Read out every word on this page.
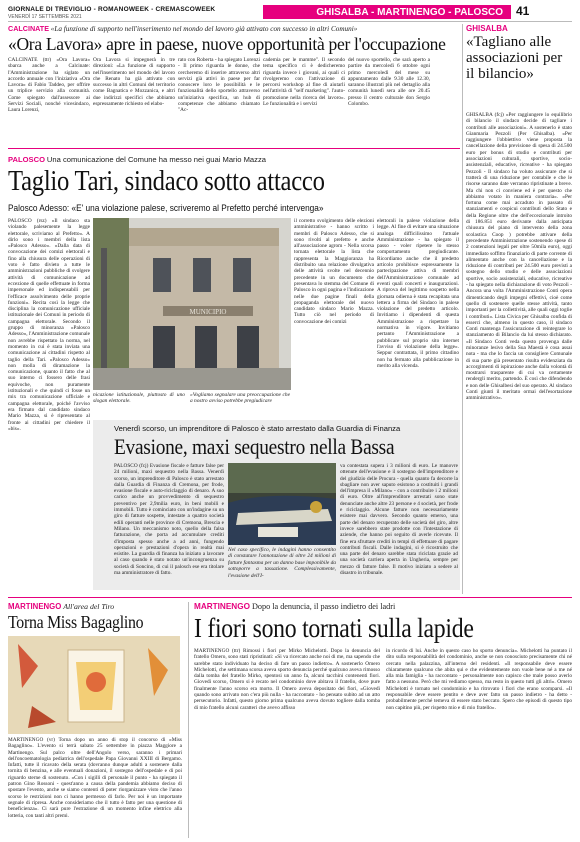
GIORNALE DI TREVIGLIO - ROMANOWEEK - CREMASCOWEEK
VENERDÌ 17 SETTEMBRE 2021	GHISALBA - MARTINENGO - PALOSCO 41
CALCINATE «La funzione di supporto nell'inserimento nel mondo del lavoro già attivato con successo in altri Comuni»
«Ora Lavora» apre in paese, nuove opportunità per l'occupazione
CALCINATE (ttr) «Ora Lavora» sbarca anche a Calcinate: l'Amministrazione ha siglato un accordo annuale con l'iniziativa «Ora Lavora» di Fabio Taddeo, per offrire un triplice servizio alla comunità. Come spiegato dall'assessore ai Servizi Sociali, nonché vicesindaco, Laura Lorenzi,
Ora Lavora si impegnerà in tre direzioni: «La funzione di supporto nell'inserimento nel mondo del lavoro che Renato ha già attivato con successo in altri Comuni del territorio come Bagnatica e Mozzanica, e altri due indirizzi specifici che abbiamo espressamente richiesto ed elabo-
rato con Roberta - ha spiegato Lorenzi - Il primo riguarda le donne, che cercheremo di inserire attraverso altri servizi già attivi in paese per far conoscere loro le possibilità e le funzionalità dello sportello attraverso un'iniziativa specifica, un hub di competenze che abbiamo chiamato "Ac-
cademia per le mamme". Il secondo tema specifico ci è dedicheremo riguarda invece i giovani, ai quali ci rivolgeremo con l'attivazione di percorsi workshop al fine di aiutarli nell'attività di "self marketing". l'auto-promozione nella ricerca del lavoro». Le funzionalità e i servizi
del nuovo sportello, che sarà aperto a partire da mercoledì 6 ottobre ogni primo mercoledì del mese su appuntamento dalle 9.30 alle 12.30, saranno illustrati più nel dettaglio alla comunità lunedì sera alle ore 20.45 presso il centro culturale don Sergio Colombo.
GHISALBA
«Tagliano alle associazioni per il bilancio»
GHISALBA (fcj) «Per raggiungere lo equilibrio di bilancio il sindaco decide di tagliare i contributi alle associazioni». A sostenerlo è stato Gianmaria Pezzoli (Per Ghisalba). «Per raggiungere l'obbiettivo viene proposta la cancellazione della previsione di spesa di 24.500 euro per bonus di studio e contributi per associazioni culturali, sportive, socio-assistenziali, educative, ricreative - ha spiegato Pezzoli - Il sindaco ha voluto assicurare che si tratterà di una riduzione per contabile e che le risorse saranno date verranno ripristinate a breve. Ma chi non ci conviene ed è per questo che abbiamo votato in maniera contraria». «Per fortuna come mai accaduto in passato di stanziamenti e cospicui contributi dello Stato e della Regione oltre che dell'eccezionale introito di 186.851 euro derivante dalla anticipata chiusura del piano di intervento della zona scolastica Coop ) potrebbe attivare della precedente Amministrazione sostenendo spese di 2 contenzioni legali per oltre 50mila euro), oggi immediato soffitto finanziario di parte corrente di alimentato anche con la cancellazione e la riduzione di contributi per 24.500 euro previsti a sostegno dello studio e delle associazioni sportive, socio assistenziali, educative, ricreative - ha spiegato nella dichiarazione di voto Pezzoli - Ancora una volta l'Amministrazione Conti opera dimenticando degli impegni effettivi, cioè come quello di sostenere quelle stesse attività, tanto importanti per la collettività, alle quali oggi toglie i contributi». Lista Civica per Ghisalba confida di esserci che, almeno in questo caso, il sindaco Conti mantenga l'assicurazione di reintegrare lo stanziamento di Bilancio da lui stesso dichiarato. «Il Sindaco Conti veda questo provenga dalle minoranze lesivo della Sua Maestà è cosa assai nota - ma che lo faccia un consigliere Comunale di sua parte già presentato risulta evidenziata da accorgimenti di ispirazione anche dalla volontà di mostrarsi trasparente di cui va certamente rendergli merito, partendo. È così che difendendo e non delle Ghisalbesi del suo operato. Al sindaco Conti giunti il meritato ormai dell'esortazione amministrativo».
PALOSCO Una comunicazione del Comune ha messo nei guai Mario Mazza
Taglio Tari, sindaco sotto attacco
Palosco Adesso: «E' una violazione palese, scriveremo al Prefetto perché intervenga»
PALOSCO (rsz) «Il sindaco sta violando palesemente la legge elettorale, scriviamo al Prefetto». A dirlo sono i membri della lista «Palosco Adesso». «Dalla data di convocazione dei comizi elettorali e fino alla chiusura delle operazioni di voto è fatto divieto a tutte le amministrazioni pubbliche di svolgere attività di comunicazione ad eccezione di quelle effettuate in forma impersonale ed indispensabili per l'efficace assolvimento delle proprie funzioni». Recita così la legge che disciplina la comunicazione ufficiale istituzionale dei Comuni in periodo di campagna elettorale. Secondo il gruppo di minoranza «Palosco Adesso», l'Amministrazione comunale non avrebbe rispettato la norma, nel momento in cui è stata inviata una comunicazione ai cittadini rispetto al taglio della Tari. «Palosco Adesso» non molla di diramazione la comunicazione, quanto il fatto che al suo interno ci fossero delle frasi equivoche, non puramente istituzionali e che quindi ci fosse un mix tra comunicazione ufficiale e campagna elettorale, poiché l'avviso era firmato dal candidato sindaco Mario Mazza, si è ripresentato al fronte ai cittadini per chiedere il «bis».
MUNICIPIO
nicazione istituzionale, piuttosto di uno slogan elettorale.
«Vogliamo segnalare una preoccupazione che a nostro avviso potrebbe pregiudicare
il corretto svolgimento delle elezioni amministrative - hanno scritto i membri di Palosco Adesso, che si sono rivolti al prefetto e anche all'associazione agrom - Nella scorsa tornata elettorale la lista che rappresenta la Maggioranza ha distribuito una relazione divulgativa delle attività svolte nel decennio precedente in un documento che presentava lo stemma del Comune di Palosco in ogni pagina e l'indicazione nelle due pagine finali della propaganda elettorale del nuovo candidato sindaco Mario Mazza. Tutto ciò nel periodo di convocazione dei comizi
elettorali in palese violazione della legge. Al fine di evitare una situazione analoga difficilissimo l'attuale Amministrazione - ha spiegato il passo - voler ripetere lo stesso comportamento pregiudicante. Ricordiamo anche che il predetto articolo prohibisce espressamente la partecipazione attiva di membri dell'Amministrazione comunale ad eventi quali concerti e inaugurazioni. A riprova del legittimo sospetto nella giornata odierna è stata recapitata una lettera a firma del Sindaco in palese violazione del predetto articolo. Invitiamo i dipendenti di questa Amministrazione a rispettare la normativa in vigore. Invitiamo pertanto l'Amministrazione a pubblicare sul proprio sito internet l'avviso di violazione della legge». Seppur contrattata, il primo cittadino non ha fermato alla pubblicazione in merito alla vicenda.
Venerdì scorso, un imprenditore di Palosco è stato arrestato dalla Guardia di Finanza
Evasione, maxi sequestro nella Bassa
PALOSCO (fcj) Evasione fiscale e fatture false per 24 milioni, maxi sequestro nella Bassa. Venerdì scorso, un imprenditore di Palosco è stato arrestato dalla Guardia di Finanza di Cremona, per frode, evasione fiscale e auto-riciclaggio di denaro. A suo carico anche un provvedimento di sequestro preventivo per 2,9milia euro, in beni mobili e immobili. Tutto è cominciato con un'indagine su un giro di fatture sospette, intestate a quattro società edili operanti nelle province di Cremona, Brescia e Milano. Un meccanismo noto, quello della falsa fatturazione, che porta ad accumulare crediti d'imposta spesso anche a ad anni, fungendo operazioni e prestazioni d'opera in realtà mai esistite. La guardia di finanza ha iniziato a lavorare al caso quando è stato notato un'incongruenza su società di Soncino, di cui il palosch ese era titolare ma amministratore di fatto.
Nel caso specifico, le indagini hanno consentito di constatare l'annotazione di oltre 24 milioni di fatture fantasma per un danno base imponibile da sottoporre a tassazione. Complessivamente, l'evasione dell'I-
va contestata supera i 3 milioni di euro. Le manovre ottenute dell'evasione e il sostegno dell'imprenditore e del giudizio delle Procura - quella quanto fa decorre la sbagliare non aver saputo esistono a costituiti i grandi dell'impresa il «Milano» - con a contribuire i 2 milioni di euro. Oltre all'imprenditore arrestati sono state denunciate anche altre 23 persone e 4 società, per frode e riciclaggio. Alcune fatture non necessariamente esistere mai davvero. Secondo quanto emerso, una parte del denaro recuperato delle società del giro, altre invece sarebbero state prodotte con l'intestazione di aziende, che hanno poi seguito di averle ricevute. Il fine era sfruttare crediti in tempi di effettuare di pagare contributi fiscali. Dalle indagini, si è ricostruito che una parte del denaro sarebbe stata riciclata grazie ad una società carriera aperta in Ungheria, sempre per mezzo di fatture false. Il motivo iniziato a sedere al disastro in tribunale.
MARTINENGO All'area del Tiro
Torna Miss Bagaglino
MARTINENGO (vr) Torna dopo un anno di stop il concorso di «Miss Bagaglino». L'evento si terrà sabato 25 settembre in piazza Maggiore a Martinengo. Sul palco oltre dell'Angolo verso, saranno i primari dell'oncoematologia pediatrica dell'ospedale Papa Giovanni XXIII di Bergamo. Infatti, tutte il ricavato della serata (dovranno dunque adulti a sostenere dalla tornita di benzina, e alle eventuali donazioni, il sostegno dell'ospedale e di poi riguardo sterne di sostenuto. «Con i sigilli di personale il punto - ha spiegato il patron Gino Rossoni - quest'anno a causa della pandemia abbiamo deciso di spostare l'evento, anche se siamo contenti di poter riorganizzare visto che l'anno scorso le restrizioni non ci hanno permesso di farlo. Per noi è un importante segnale di ripresa. Anche consideriamo che il tutto è fatto per una questione di beneficienza». Ci sarà pure l'estrazione di un momento infine elettrico alla lotteria, con tanti altri premi.
MARTINENGO Dopo la denuncia, il passo indietro dei ladri
I fiori sono tornati sulla lapide
MARTINENGO (ttr) Rimossi i fiori per Mirko Michelotti. Dopo la denuncia del fratello Omero, sono stati ripristinati: «Si va ricercato anche noi di me, ma sapendo che sarebbe stato individuato ha deciso di fare un passo indietro». A sostenerlo Omero Michelotti, che settimana scorsa aveva sporto denuncia perché qualcuno aveva rimosso dalla tomba del fratello Mirko, spentosi un anno fa, alcuni tacchini contenenti fiori. Giovedì scorso, Omero si è recato nel condominio dove abitava il fratello, dove pure finalmente l'anno scorso era morto. Il Omero aveva depositato dei fiori, «Giovedì quando sono arrivato non c'era più nulla - ha raccontato - ho pensato subito ad un atto persecutorio. Infatti, questo giorno prima qualcuno aveva dovuto togliere dalla tomba di mio fratello alcuni caratteri che avevo affisso
in ricordo di lui. Anche in questo caso ho sporto denuncia». Michelotti ha puntato il dito sulla responsabilità del condominio, anche se non conosciuto precisamente chi né cercato nella palazzina, all'interno del residenti. «Il responsabile deve essere chiaramente qualcuno che abita qui e che evidentemente non vuole bene né a me né alla mia famiglia - ha raccontato - personalmente non capisco che male posso averlo fatto a nessuno. Però che mi vediamo spesso, ma resto in questo tutti gli altri». Omero Michelotti è tornato nel condominio e ha ritrovato i fiori che erano scomparsi. «Il responsabile deve essere pentito e deve aver fatto un passo indietro - ha detto - probabilmente perché temeva di essere stato beccato. Spero che episodi di questo tipo non capitino più, per rispetto mio e di mio fratello».
